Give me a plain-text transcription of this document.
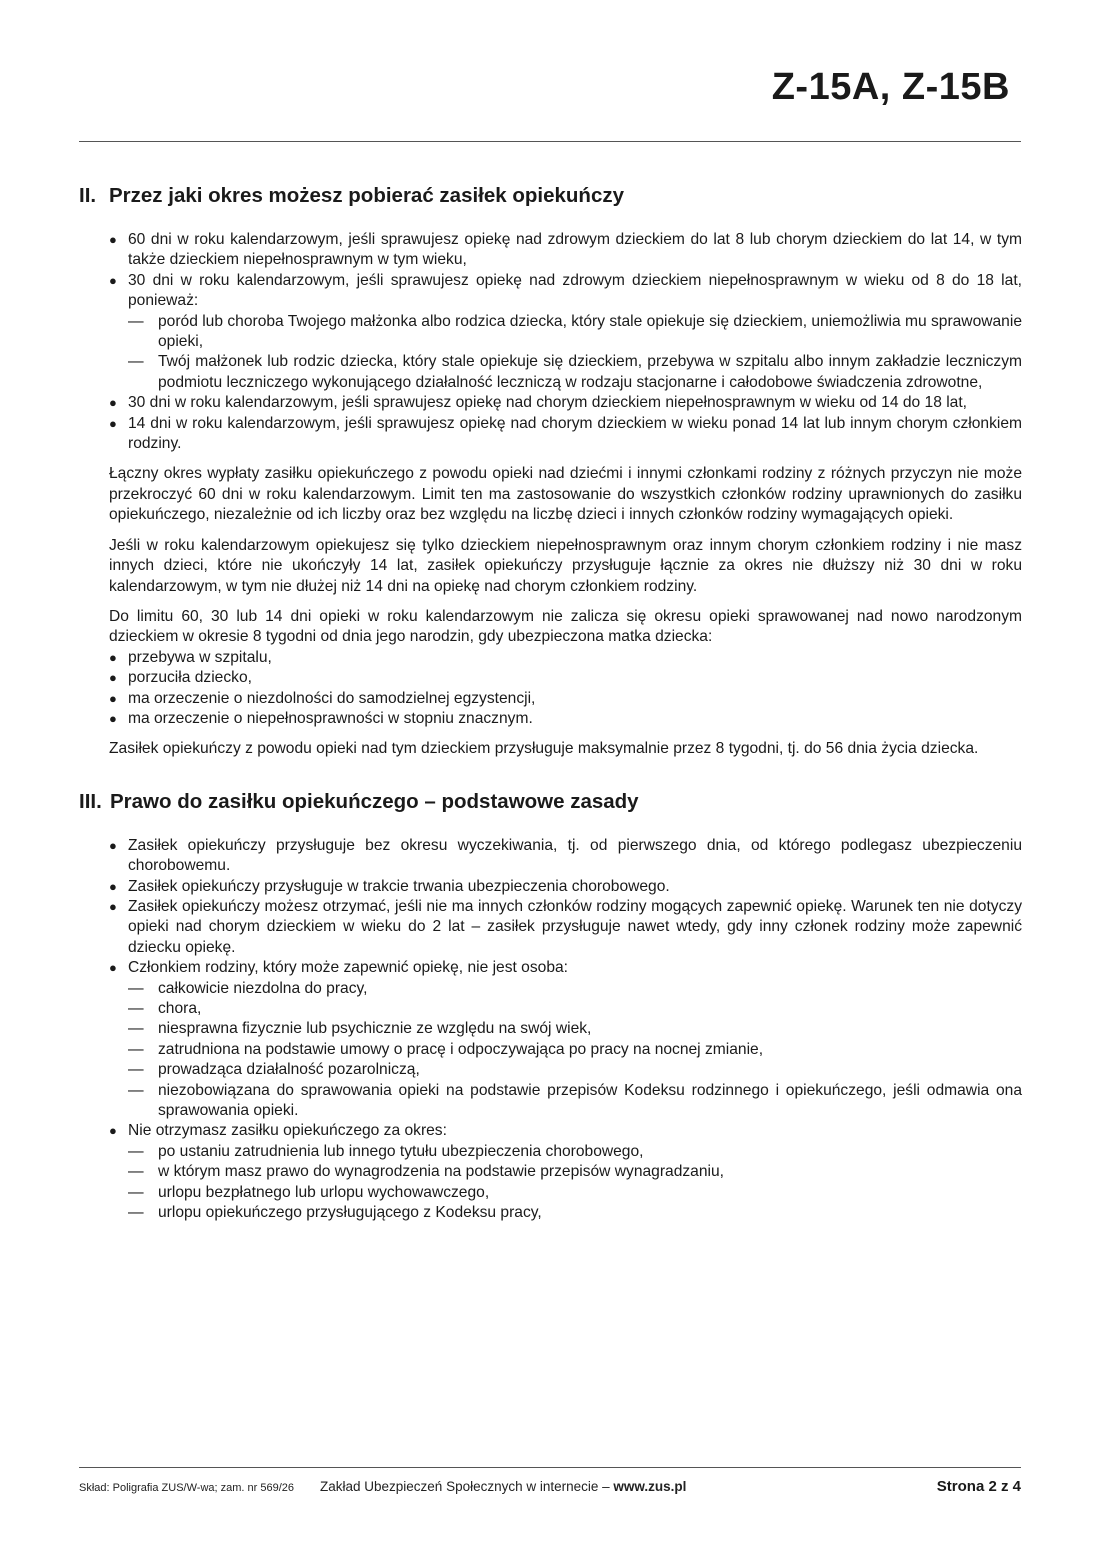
Z-15A, Z-15B
II. Przez jaki okres możesz pobierać zasiłek opiekuńczy
● 60 dni w roku kalendarzowym, jeśli sprawujesz opiekę nad zdrowym dzieckiem do lat 8 lub chorym dzieckiem do lat 14, w tym także dzieckiem niepełnosprawnym w tym wieku,
● 30 dni w roku kalendarzowym, jeśli sprawujesz opiekę nad zdrowym dzieckiem niepełnosprawnym w wieku od 8 do 18 lat, ponieważ:
— poród lub choroba Twojego małżonka albo rodzica dziecka, który stale opiekuje się dzieckiem, uniemożliwia mu sprawowanie opieki,
— Twój małżonek lub rodzic dziecka, który stale opiekuje się dzieckiem, przebywa w szpitalu albo innym zakładzie leczniczym podmiotu leczniczego wykonującego działalność leczniczą w rodzaju stacjonarne i całodobowe świadczenia zdrowotne,
● 30 dni w roku kalendarzowym, jeśli sprawujesz opiekę nad chorym dzieckiem niepełnosprawnym w wieku od 14 do 18 lat,
● 14 dni w roku kalendarzowym, jeśli sprawujesz opiekę nad chorym dzieckiem w wieku ponad 14 lat lub innym chorym członkiem rodziny.

Łączny okres wypłaty zasiłku opiekuńczego z powodu opieki nad dziećmi i innymi członkami rodziny z różnych przyczyn nie może przekroczyć 60 dni w roku kalendarzowym. Limit ten ma zastosowanie do wszystkich członków rodziny uprawnionych do zasiłku opiekuńczego, niezależnie od ich liczby oraz bez względu na liczbę dzieci i innych członków rodziny wymagających opieki.

Jeśli w roku kalendarzowym opiekujesz się tylko dzieckiem niepełnosprawnym oraz innym chorym członkiem rodziny i nie masz innych dzieci, które nie ukończyły 14 lat, zasiłek opiekuńczy przysługuje łącznie za okres nie dłuższy niż 30 dni w roku kalendarzowym, w tym nie dłużej niż 14 dni na opiekę nad chorym członkiem rodziny.

Do limitu 60, 30 lub 14 dni opieki w roku kalendarzowym nie zalicza się okresu opieki sprawowanej nad nowo narodzonym dzieckiem w okresie 8 tygodni od dnia jego narodzin, gdy ubezpieczona matka dziecka:

● przebywa w szpitalu,
● porzuciła dziecko,
● ma orzeczenie o niezdolności do samodzielnej egzystencji,
● ma orzeczenie o niepełnosprawności w stopniu znacznym.

Zasiłek opiekuńczy z powodu opieki nad tym dzieckiem przysługuje maksymalnie przez 8 tygodni, tj. do 56 dnia życia dziecka.

III. Prawo do zasiłku opiekuńczego – podstawowe zasady
● Zasiłek opiekuńczy przysługuje bez okresu wyczekiwania, tj. od pierwszego dnia, od którego podlegasz ubezpieczeniu chorobowemu.
● Zasiłek opiekuńczy przysługuje w trakcie trwania ubezpieczenia chorobowego.
● Zasiłek opiekuńczy możesz otrzymać, jeśli nie ma innych członków rodziny mogących zapewnić opiekę. Warunek ten nie dotyczy opieki nad chorym dzieckiem w wieku do 2 lat – zasiłek przysługuje nawet wtedy, gdy inny członek rodziny może zapewnić dziecku opiekę.
● Członkiem rodziny, który może zapewnić opiekę, nie jest osoba:
— całkowicie niezdolna do pracy,
— chora,
— niesprawna fizycznie lub psychicznie ze względu na swój wiek,
— zatrudniona na podstawie umowy o pracę i odpoczywająca po pracy na nocnej zmianie,
— prowadząca działalność pozarolniczą,
— niezobowiązana do sprawowania opieki na podstawie przepisów Kodeksu rodzinnego i opiekuńczego, jeśli odmawia ona sprawowania opieki.
● Nie otrzymasz zasiłku opiekuńczego za okres:
— po ustaniu zatrudnienia lub innego tytułu ubezpieczenia chorobowego,
— w którym masz prawo do wynagrodzenia na podstawie przepisów wynagradzaniu,
— urlopu bezpłatnego lub urlopu wychowawczego,
— urlopu opiekuńczego przysługującego z Kodeksu pracy,
Skład: Poligrafia ZUS/W-wa; zam. nr 569/26 Zakład Ubezpieczeń Społecznych w internecie – www.zus.pl	Strona 2 z 4
